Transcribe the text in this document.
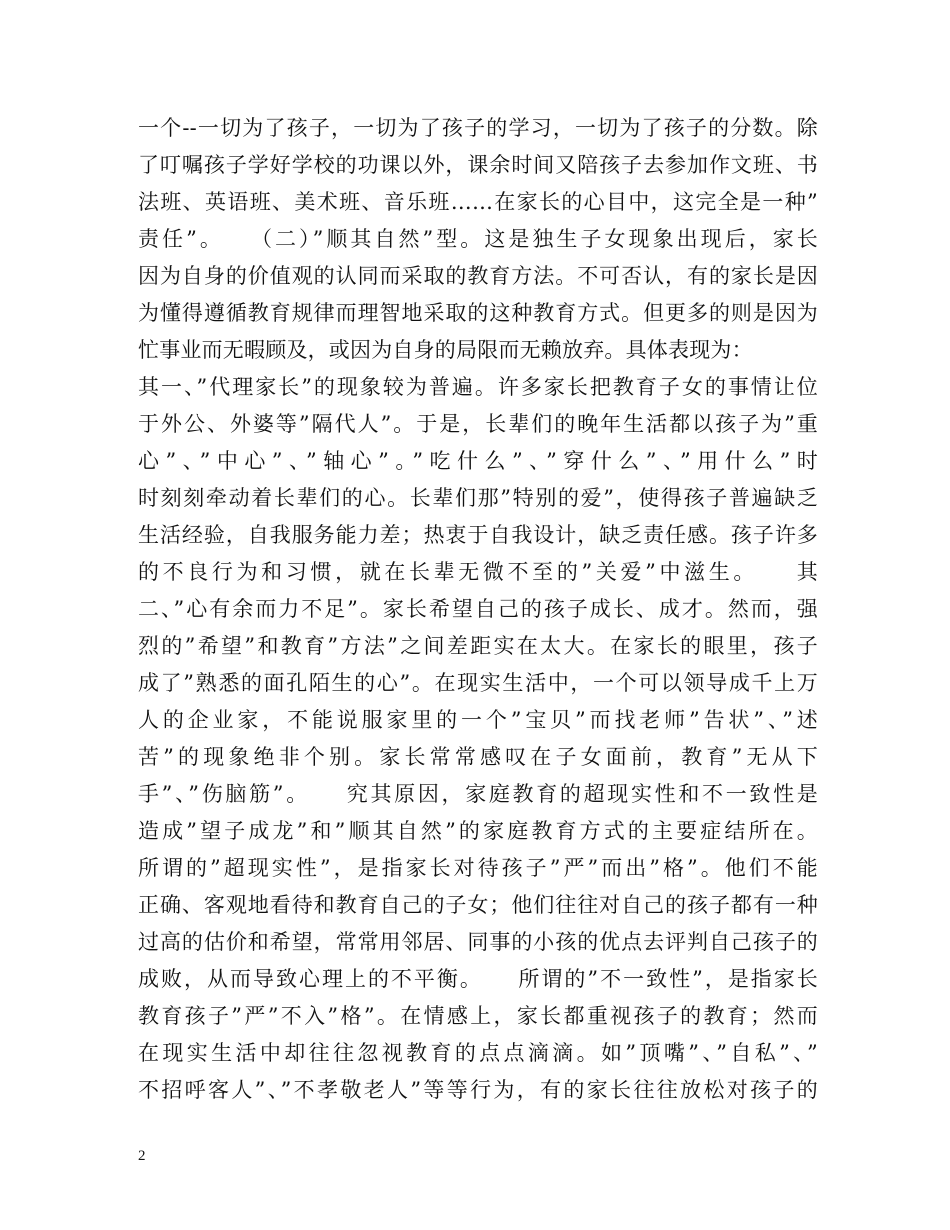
一个--一切为了孩子，一切为了孩子的学习，一切为了孩子的分数。除
了叮嘱孩子学好学校的功课以外，课余时间又陪孩子去参加作文班、书
法班、英语班、美术班、音乐班……在家长的心目中，这完全是一种”
责任”。　　（二）”顺其自然”型。这是独生子女现象出现后，家长
因为自身的价值观的认同而采取的教育方法。不可否认，有的家长是因
为懂得遵循教育规律而理智地采取的这种教育方式。但更多的则是因为
忙事业而无暇顾及，或因为自身的局限而无赖放弃。具体表现为：
其一、”代理家长”的现象较为普遍。许多家长把教育子女的事情让位
于外公、外婆等”隔代人”。于是，长辈们的晚年生活都以孩子为”重
心”、”中心”、”轴心”。”吃什么”、”穿什么”、”用什么”时
时刻刻牵动着长辈们的心。长辈们那”特别的爱”，使得孩子普遍缺乏
生活经验，自我服务能力差；热衷于自我设计，缺乏责任感。孩子许多
的不良行为和习惯，就在长辈无微不至的”关爱”中滋生。　　其
二、”心有余而力不足”。家长希望自己的孩子成长、成才。然而，强
烈的”希望”和教育”方法”之间差距实在太大。在家长的眼里，孩子
成了”熟悉的面孔陌生的心”。在现实生活中，一个可以领导成千上万
人的企业家，不能说服家里的一个”宝贝”而找老师”告状”、”述
苦”的现象绝非个别。家长常常感叹在子女面前，教育”无从下
手”、”伤脑筋”。　　究其原因，家庭教育的超现实性和不一致性是
造成”望子成龙”和”顺其自然”的家庭教育方式的主要症结所在。
所谓的”超现实性”，是指家长对待孩子”严”而出”格”。他们不能
正确、客观地看待和教育自己的子女；他们往往对自己的孩子都有一种
过高的估价和希望，常常用邻居、同事的小孩的优点去评判自己孩子的
成败，从而导致心理上的不平衡。　　所谓的”不一致性”，是指家长
教育孩子”严”不入”格”。在情感上，家长都重视孩子的教育；然而
在现实生活中却往往忽视教育的点点滴滴。如”顶嘴”、”自私”、”
不招呼客人”、”不孝敬老人”等等行为，有的家长往往放松对孩子的
2
